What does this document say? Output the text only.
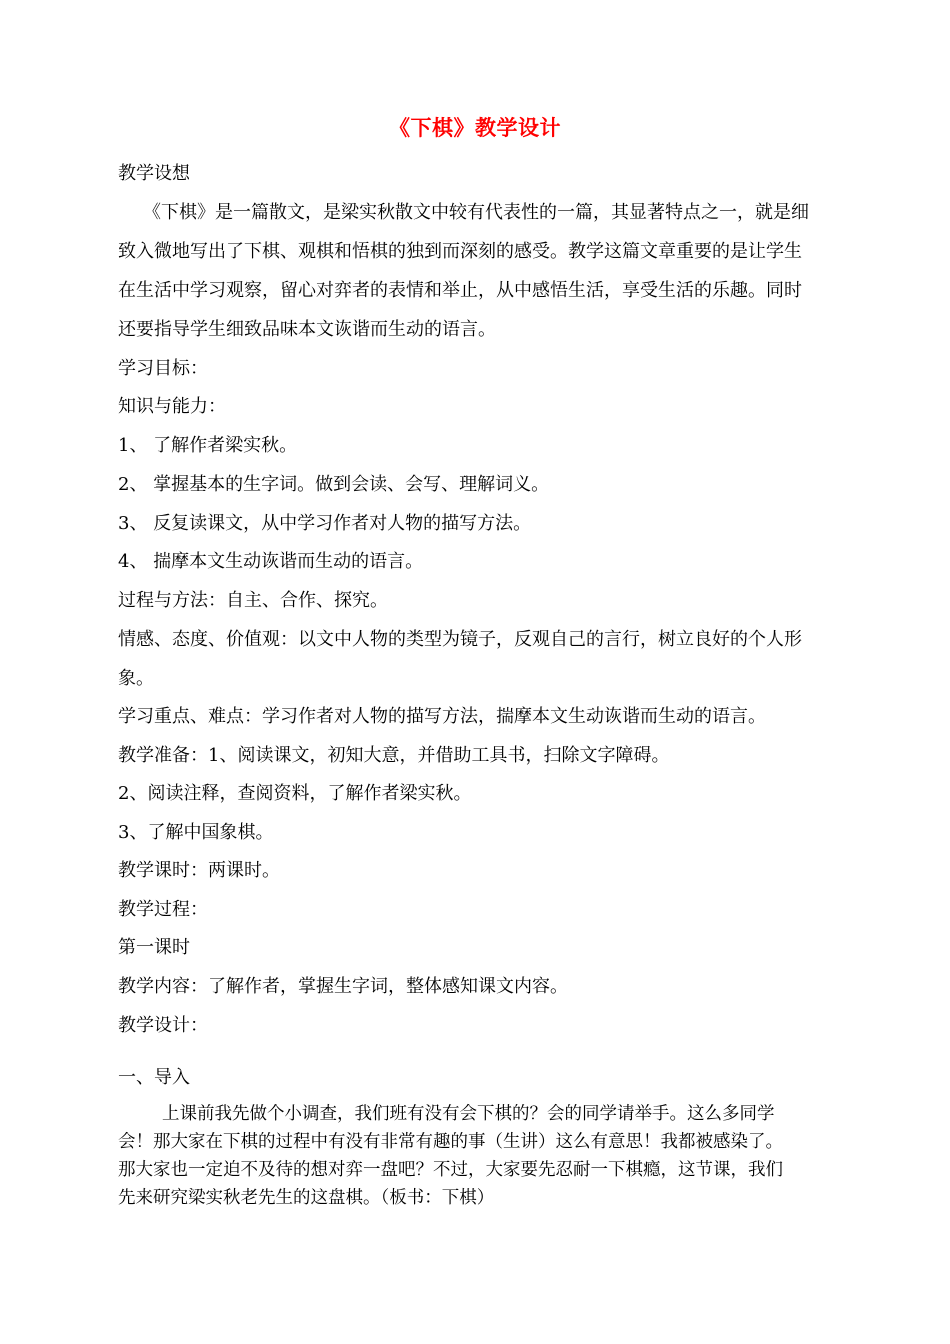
《下棋》教学设计
教学设想
《下棋》是一篇散文，是梁实秋散文中较有代表性的一篇，其显著特点之一，就是细
致入微地写出了下棋、观棋和悟棋的独到而深刻的感受。教学这篇文章重要的是让学生
在生活中学习观察，留心对弈者的表情和举止，从中感悟生活，享受生活的乐趣。同时
还要指导学生细致品味本文诙谐而生动的语言。
学习目标：
知识与能力：
1、 了解作者梁实秋。
2、 掌握基本的生字词。做到会读、会写、理解词义。
3、 反复读课文，从中学习作者对人物的描写方法。
4、 揣摩本文生动诙谐而生动的语言。
过程与方法：自主、合作、探究。
情感、态度、价值观：以文中人物的类型为镜子，反观自己的言行，树立良好的个人形
象。
学习重点、难点：学习作者对人物的描写方法，揣摩本文生动诙谐而生动的语言。
教学准备：1、阅读课文，初知大意，并借助工具书，扫除文字障碍。
2、阅读注释，查阅资料，了解作者梁实秋。
3、了解中国象棋。
教学课时：两课时。
教学过程：
第一课时
教学内容：了解作者，掌握生字词，整体感知课文内容。
教学设计：
一、导入
上课前我先做个小调查，我们班有没有会下棋的？会的同学请举手。这么多同学
会！那大家在下棋的过程中有没有非常有趣的事（生讲）这么有意思！我都被感染了。
那大家也一定迫不及待的想对弈一盘吧？不过，大家要先忍耐一下棋瘾，这节课，我们
先来研究梁实秋老先生的这盘棋。（板书：下棋）
